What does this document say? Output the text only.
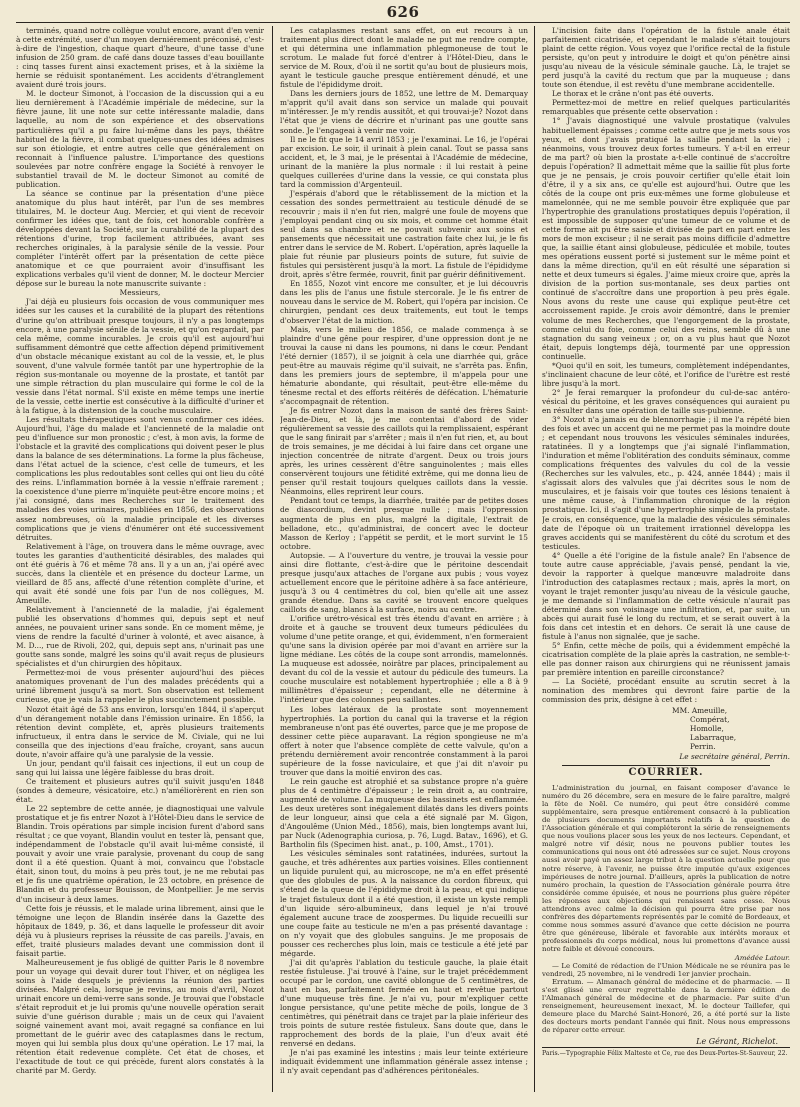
626

terminés, quand notre collègue voulut encore, avant d'en venir à cette extrémité, user d'un moyen derniérement préconisé, c'est-à-dire de l'ingestion, chaque quart d'heure, d'une tasse d'une infusion de 250 gram. de café dans douze tasses d'eau bouillante : cinq tasses furent ainsi exactement prises, et à la sixième la hernie se réduisit spontanément. Les accidents d'étranglement avaient duré trois jours.

M. le docteur Simonot, à l'occasion de la discussion qui a eu lieu dernièrement à l'Académie impériale de médecine, sur la fièvre jaune, lit une note sur cette intéressante maladie, dans laquelle, au nom de son expérience et des observations particulières qu'il a pu faire lui-même dans les pays, théâtre habituel de la fièvre, il combat quelques-unes des idées admises sur son étiologie, et entre autres celle que généralement on reconnait à l'influence palustre. L'importance des questions soulevées par notre confrère engage la Société à renvoyer le substantiel travail de M. le docteur Simonot au comité de publication.

La séance se continue par la présentation d'une pièce anatomique du plus haut intérêt, par l'un de ses membres titulaires, M. le docteur Aug. Mercier, et qui vient de recevoir confirmer les idées que, tant de fois, cet honorable confrère a développées devant la Société, sur la curabilité de la plupart des rétentions d'urine, trop facilement attribuées, avant ses recherches originales, à la paralysie sénile de la vessie. Pour compléter l'intérêt offert par la présentation de cette pièce anatomique et ce que pourraient avoir d'insuffisant les explications verbales qu'il vient de donner, M. le docteur Mercier dépose sur le bureau la note manuscrite suivante :

Messieurs,

J'ai déjà eu plusieurs fois occasion de vous communiquer mes idées sur les causes et la curabilité de la plupart des rétentions d'urine qu'on attribuait presque toujours, il n'y a pas longtemps encore, à une paralysie sénile de la vessie, et qu'on regardait, par cela même, comme incurables. Je crois qu'il est aujourd'hui suffisamment démontré que cette affection dépend primitivement d'un obstacle mécanique existant au col de la vessie, et, le plus souvent, d'une valvule formée tantôt par une hypertrophie de la région sus-montanale ou moyenne de la prostate, et tantôt par une simple rétraction du plan musculaire qui forme le col de la vessie dans l'état normal. S'il existe en même temps une inertie de la vessie, cette inertie est consécutive à la difficulté d'uriner et à la fatigue, à la distension de la couche musculaire.

Les résultats thérapeutiques sont venus confirmer ces idées. Aujourd'hui, l'âge du malade et l'ancienneté de la maladie ont peu d'influence sur mon pronostic ; c'est, à mon avis, la forme de l'obstacle et la gravité des complications qui doivent peser le plus dans la balance de ses déterminations. La forme la plus fâcheuse, dans l'état actuel de la science, c'est celle de tumeurs, et les complications les plus redoutables sont celles qui ont lieu du côté des reins. L'inflammation bornée à la vessie n'effraie rarement ; la coexistence d'une pierre m'inquiète peut-être encore moins ; et j'ai consigné, dans mes Recherches sur le traitement des maladies des voies urinaires, publiées en 1856, des observations assez nombreuses, où la maladie principale et les diverses complications que je viens d'énumérer ont été successivement détruites.

Relativement à l'âge, on trouvera dans le même ouvrage, avec toutes les garanties d'authenticité désirables, des malades qui ont été guéris à 76 et même 78 ans. Il y a un an, j'ai opéré avec succès, dans la clientèle et en présence du docteur Larme, un vieillard de 85 ans, affecté d'une rétention complète d'urine, et qui avait été sondé une fois par l'un de nos collègues, M. Ameuille.

Relativement à l'ancienneté de la maladie, j'ai également publié les observations d'hommes qui, depuis sept et neuf années, ne pouvaient uriner sans sonde. En ce moment même, je viens de rendre la faculté d'uriner à volonté, et avec aisance, à M. D..., rue de Rivoli, 202, qui, depuis sept ans, n'urinait pas une goutte sans sonde, malgré les soins qu'il avait reçus de plusieurs spécialistes et d'un chirurgien des hôpitaux.

Permettez-moi de vous présenter aujourd'hui des pièces anatomiques provenant de l'un des malades précédents qui a uriné librement jusqu'à sa mort. Son observation est tellement curieuse, que je vais la rappeler le plus succinctement possible.

Nozot était âgé de 53 ans environ, lorsqu'en 1844, il s'aperçut d'un dérangement notable dans l'émission urinaire. En 1856, la rétention devint complète, et, après plusieurs traitements infructueux, il entra dans le service de M. Civiale, qui ne lui conseilla que des injections d'eau fraîche, croyant, sans aucun doute, n'avoir affaire qu'à une paralysie de la vessie.

Un jour, pendant qu'il faisait ces injections, il eut un coup de sang qui lui laissa une légère faiblesse du bras droit.

Ce traitement et plusieurs autres qu'il suivit jusqu'en 1848 (sondes à demeure, vésicatoire, etc.) n'améliorèrent en rien son état.

Le 22 septembre de cette année, je diagnostiquai une valvule prostatique et je fis entrer Nozot à l'Hôtel-Dieu dans le service de Blandin. Trois opérations par simple incision furent d'abord sans résultat ; ce que voyant, Blandin voulut en tester là, pensant que, indépendamment de l'obstacle qu'il avait lui-même consisté, il pouvait y avoir une vraie paralysie, provenant du coup de sang dont il a été question. Quant à moi, convaincu que l'obstacle était, sinon tout, du moins à peu près tout, je ne me rebutai pas et je fis une quatrième opération, le 23 octobre, en présence de Blandin et du professeur Bouisson, de Montpellier. Je me servis d'un inciseur à deux lames.

Cette fois je réussis, et le malade urina librement, ainsi que le témoigne une leçon de Blandin insérée dans la Gazette des hôpitaux de 1849, p. 36, et dans laquelle le professeur dit avoir déjà vu à plusieurs reprises la réussite de cas pareils. J'avais, en effet, traité plusieurs malades devant une commission dont il faisait partie.

Malheureusement je fus obligé de quitter Paris le 8 novembre pour un voyage qui devait durer tout l'hiver, et on négligea les soins à l'aide desquels je prévienns la réunion des parties divisées. Malgré cela, lorsque je revins, au mois d'avril, Nozot urinait encore un demi-verre sans sonde. Je trouvai que l'obstacle s'était reproduit et je lui promis qu'une nouvelle opération serait suivie d'une guérison durable ; mais un de ceux qui l'avaient soigné vainement avant moi, avait regagné sa confiance en lui promettant de le guérir avec des cataplasmes dans le rectum, moyen qui lui sembla plus doux qu'une opération. Le 17 mai, la rétention était redevenue complète. Cet état de choses, et l'exactitude de tout ce qui précède, furent alors constatés à la charité par M. Gerdy.

Les cataplasmes restant sans effet, on eut recours à un traitement plus direct dont le malade ne put me rendre compte, et qui détermina une inflammation phlegmoneuse de tout le scrotum. Le malade fut forcé d'entrer à l'Hôtel-Dieu, dans le service de M. Roux, d'où il ne sortit qu'au bout de plusieurs mois, ayant le testicule gauche presque entièrement dénudé, et une fistule de l'épididyme droit.

Dans les derniers jours de 1852, une lettre de M. Demarquay m'apprit qu'il avait dans son service un malade qui pouvait m'intéresser. Je m'y rendis aussitôt, et qui trouvai-je? Nozot dans l'état que je viens de décrire et n'urinant pas une goutte sans sonde. Je l'engageai à venir me voir.

Il ne le fit que le 14 avril 1853 ; je l'examinai. Le 16, je l'opérai par excision. Le soir, il urinait à plein canal. Tout se passa sans accident, et, le 3 mai, je le présentai à l'Académie de médecine, urinant de la manière la plus normale : il lui restait à peine quelques cuillerées d'urine dans la vessie, ce qui constata plus tard la commission d'Argenteuil.

J'espérais d'abord que le rétablissement de la miction et la cessation des sondes permettraient au testicule dénudé de se recouvrir ; mais il n'en fut rien, malgré une foule de moyens que j'employai pendant cinq ou six mois, et comme cet homme était seul dans sa chambre et ne pouvait subvenir aux soins et pansements que nécessitait une castration faite chez lui, je le fis entrer dans le service de M. Robert. L'opération, après laquelle la plaie fut réunie par plusieurs points de suture, fut suivie de fistules qui persistèrent jusqu'à la mort. La fistule de l'épididyme droit, après s'être fermée, rouvrit, finit par guérir définitivement.

En 1855, Nozot vint encore me consulter, et je lui découvris dans les plis de l'anus une fistule stercorale. Je le fis entrer de nouveau dans le service de M. Robert, qui l'opéra par incision. Ce chirurgien, pendant ces deux traitements, eut tout le temps d'observer l'état de la miction.

Mais, vers le milieu de 1856, ce malade commença à se plaindre d'une gêne pour respirer, d'une oppression dont je ne trouvai la cause ni dans les poumons, ni dans le cœur. Pendant l'été dernier (1857), il se joignit à cela une diarrhée qui, grâce peut-être au mauvais régime qu'il suivait, ne s'arrêta pas. Enfin, dans les premiers jours de septembre, il m'appela pour une hématurie abondante, qui résultait, peut-être elle-même du ténesme rectal et des efforts réitérés de défécation. L'hématurie s'accompagnait de rétention.

Je fis entrer Nozot dans la maison de santé des frères Saint-Jean-de-Dieu, et là, je me contentai d'abord de vider régulièrement sa vessie des caillots qui la remplissaient, espérant que le sang finirait par s'arrêter ; mais il n'en fut rien, et, au bout de trois semaines, je me décidai à lui faire dans cet organe une injection concentrée de nitrate d'argent. Deux ou trois jours après, les urines cessèrent d'être sanguinolentes ; mais elles conservèrent toujours une fétidité extrême, qui me donna lieu de penser qu'il restait toujours quelques caillots dans la vessie. Néanmoins, elles reprirent leur cours.

Pendant tout ce temps, la diarrhée, traitée par de petites doses de diascordium, devint presque nulle ; mais l'oppression augmenta de plus en plus, malgré la digitale, l'extrait de belladone, etc., qu'administrai, de concert avec le docteur Masson de Kerloy ; l'appétit se perdit, et le mort survint le 15 octobre.

Autopsie. — A l'ouverture du ventre, je trouvai la vessie pour ainsi dire flottante, c'est-à-dire que le péritoine descendait presque jusqu'aux attaches de l'organe aux pubis ; vous voyez actuellement encore que le péritoine adhère à sa face antérieure, jusqu'à 3 ou 4 centimètres du col, bien qu'elle ait une assez grande étendue. Dans sa cavité se trouvent encore quelques caillots de sang, blancs à la surface, noirs au centre.

L'orifice urétro-vésical est très étendu d'avant en arrière ; à droite et à gauche se trouvent deux tumeurs pédiculées du volume d'une petite orange, et qui, évidemment, n'en formeraient qu'une sans la division opérée par moi d'avant en arrière sur la ligne médiane. Les côtés de la coupe sont arrondis, mamelonnés. La muqueuse est adossée, noirâtre par places, principalement au devant du col de la vessie et autour du pédicule des tumeurs. La couche musculaire est notablement hypertrophiée ; elle a 8 à 9 millimètres d'épaisseur ; cependant, elle ne détermine à l'intérieur que des colonnes peu saillantes.

Les lobes latéraux de la prostate sont moyennement hypertrophiés. La portion du canal qui la traverse et la région membraneuse n'ont pas été ouvertes, parce que je me propose de dessiner cette pièce auparavant. La région spongieuse ne m'a offert à noter que l'absence complète de cette valvule, qu'on a prétendu dernièrement avoir rencontrée constamment à la paroi supérieure de la fosse naviculaire, et que j'ai dit n'avoir pu trouver que dans la moitié environ des cas.

Le rein gauche est atrophié et sa substance propre n'a guère plus de 4 centimètre d'épaisseur ; le rein droit a, au contraire, augmenté de volume. La muqueuse des bassinets est enflammée. Les deux uretères sont inégalement dilatés dans les divers points de leur longueur, ainsi que cela a été signalé par M. Gigon, d'Angoulême (Union Méd., 1856), mais, bien longtemps avant lui, par Nuck (Adenographia curiosa, p. 76, Lugd. Batav., 1696), et G. Bartholin fils (Specimen hist. anat., p. 100, Amst., 1701).

Les vésicules séminales sont ratatinées, indurées, surtout la gauche, et très adhérentes aux parties voisines. Elles contiennent un liquide purulent qui, au microscope, ne m'a en effet présenté que des globules de pus. A la naissance du cordon fibreux, qui s'étend de la queue de l'épididyme droit à la peau, et qui indique le trajet fistuleux dont il a été question, il existe un kyste rempli d'un liquide séro-albumineux, dans lequel je n'ai trouvé également aucune trace de zoospermes. Du liquide recueilli sur une coupe faite au testicule ne m'en a pas présenté davantage : on n'y voyait que des globules sanguins. Je me proposais de pousser ces recherches plus loin, mais ce testicule a été jeté par mégarde.

J'ai dit qu'après l'ablation du testicule gauche, la plaie était restée fistuleuse. J'ai trouvé à l'aine, sur le trajet précédemment occupé par le cordon, une cavité oblongue de 5 centimètres, de haut en bas, parfaitement fermée en haut et revêtue partout d'une muqueuse très fine. Je n'ai vu, pour m'expliquer cette longue persistance, qu'une petite mèche de poils, longue de 3 centimètres, qui pénétrait dans ce trajet par la plaie inférieur des trois points de suture restée fistuleux. Sans doute que, dans le rapprochement des bords de la plaie, l'un d'eux avait été renversé en dedans.

Je n'ai pas examiné les intestins ; mais leur teinte extérieure indiquait évidemment une inflammation générale assez intense ; il n'y avait cependant pas d'adhérences péritonéales.

L'incision faite dans l'opération de la fistule anale était parfaitement cicatrisée, et cependant le malade s'était toujours plaint de cette région. Vous voyez que l'orifice rectal de la fistule persiste, qu'on peut y introduire le doigt et qu'on pénètre ainsi jusqu'au niveau de la vésicule séminale gauche. Là, le trajet se perd jusqu'à la cavité du rectum que par la muqueuse ; dans toute son étendue, il est revêtu d'une membrane accidentelle.

Le thorax et le crâne n'ont pas été ouverts.

Permettez-moi de mettre en relief quelques particularités remarquables que présente cette observation :

1° J'avais diagnostiqué une valvule prostatique (valvules habituellement épaisses ; comme cette autre que je mets sous vos yeux, et dont j'avais pratiqué la saillie pendant la vie) ; néanmoins, vous trouvez deux fortes tumeurs. Y a-t-il en erreur de ma part? où bien la prostate a-t-elle continué de s'accroître depuis l'opération? Il admettait même que la saillie fût plus forte que je ne pensais, je crois pouvoir certifier qu'elle était loin d'être, il y a six ans, ce qu'elle est aujourd'hui. Outre que les côtés de la coupe ont pris eux-mêmes une forme globuleuse et mamelonnée, qui ne me semble pouvoir être expliquée que par l'hypertrophie des granulations prostatiques depuis l'opération, il est impossible de supposer qu'une tumeur de ce volume et de cette forme ait pu être saisie et divisée de part en part entre les mors de mon exciseur ; il ne serait pas moins difficile d'admettre que, la saillie étant ainsi globuleuse, pédiculée et mobile, toutes mes opérations eussent porté si justement sur le même point et dans la même direction, qu'il en eût résulté une séparation si nette et deux tumeurs si égales. J'aime mieux croire que, après la division de la portion sus-montanale, ses deux parties ont continué de s'accroître dans une proportion à peu près égale. Nous avons du reste une cause qui explique peut-être cet accroissement rapide. Je crois avoir démontré, dans le premier volume de mes Recherches, que l'engorgement de la prostate, comme celui du foie, comme celui des reins, semble dû à une stagnation du sang veineux ; or, on a vu plus haut que Nozot était, depuis longtemps déjà, tourmenté par une oppression continuelle.

*Quoi qu'il en soit, les tumeurs, complètement indépendantes, s'inclinaient chacune de leur côté, et l'orifice de l'urètre est resté libre jusqu'à la mort.

2° Je ferai remarquer la profondeur du cul-de-sac antéro-vésical du péritoine, et les graves conséquences qui auraient pu en résulter dans une opération de taille sus-pubienne.

3° Nozot n'a jamais eu de blennorrhagie ; il me l'a répété bien des fois et avec un accent qui ne me permet pas la moindre doute ; et cependant nous trouvons les vésicules séminales indurées, ratatinées. Il y a longtemps que j'ai signalé l'inflammation, l'induration et même l'oblitération des conduits séminaux, comme complications fréquentes des valvules du col de la vessie (Recherches sur les valvules, etc., p. 424, année 1844) ; mais il s'agissait alors des valvules que j'ai décrites sous le nom de musculaires, et je faisais voir que toutes ces lésions tenaient à une même cause, à l'inflammation chronique de la région prostatique. Ici, il s'agit d'une hypertrophie simple de la prostate. Je crois, en conséquence, que la maladie des vésicules séminales date de l'époque où un traitement irrationnel développa les graves accidents qui se manifestèrent du côté du scrotum et des testicules.

4° Quelle a été l'origine de la fistule anale? En l'absence de toute autre cause appréciable, j'avais pensé, pendant la vie, devoir la rapporter à quelque manœuvre maladroite dans l'introduction des cataplasmes rectaux ; mais, après la mort, on voyant le trajet remonter jusqu'au niveau de la vésicule gauche, je me demande si l'inflammation de cette vésicule n'aurait pas déterminé dans son voisinage une infiltration, et, par suite, un abcès qui aurait fusé le long du rectum, et se serait ouvert à la fois dans cet intestin et en dehors. Ce serait là une cause de fistule à l'anus non signalée, que je sache.

5° Enfin, cette mèche de poils, qui a évidemment empêché la cicatrisation complète de la plaie après la castration, ne semble-t-elle pas donner raison aux chirurgiens qui ne réunissent jamais par première intention en pareille circonstance?

— La Société, procédant ensuite au scrutin secret à la nomination des membres qui devront faire partie de la commission des prix, désigne à cet effet :

MM. Ameuille,
Compérat,
Homolle,
Labarraque,
Perrin.

Le secrétaire général, Perrin.

COURRIER.

L'administration du journal, en faisant composer d'avance le numéro du 26 décembre, sera en mesure de le faire paraître, malgré la fête de Noël. Ce numéro, qui peut être considéré comme supplémentaire, sera presque entièrement consacré à la publication de plusieurs documents importants relatifs à la question de l'Association générale et qui compléteront la série de renseignements que nous voulions placer sous les yeux de nos lecteurs. Cependant, et malgré notre vif désir, nous ne pouvons publier toutes les communications qui nous ont été adressées sur ce sujet. Nous croyons aussi avoir payé un assez large tribut à la question actuelle pour que notre réserve, à l'avenir, ne puisse être imputée qu'aux exigences impérieuses de notre journal. D'ailleurs, après la publication de notre numéro prochain, la question de l'Association générale pourra être considérée comme épuisée, et nous ne pourrions plus guère répéter les réponses aux objections qui renaissent sans cesse. Nous attendrons avec calme la décision qui pourra être prise par nos confrères des départements représentés par le comité de Bordeaux, et comme nous sommes assuré d'avance que cette décision ne pourra être que généreuse, libérale et favorable aux intérêts moraux et professionnels du corps médical, nous lui promettons d'avance aussi notre faible et dévoué concours.

Amédée Latour.

— Le Comité de rédaction de l'Union Médicale ne se réunira pas le vendredi, 25 novembre, ni le vendredi 1er janvier prochain.

Erratum. — Almanach général de médecine et de pharmacie. — Il s'est glissé une erreur regrettable dans la dernière édition de l'Almanach général de médecine et de pharmacie. Par suite d'un renseignement, heureusement inexact, M. le docteur Taillefer, qui demeure place du Marché Saint-Honoré, 26, a été porté sur la liste des docteurs morts pendant l'année qui finit. Nous nous empressons de réparer cette erreur.

Le Gérant, Richelot.
Paris.—Typographie Félix Malteste et Ce, rue des Deux-Portes-St-Sauveur, 22.
